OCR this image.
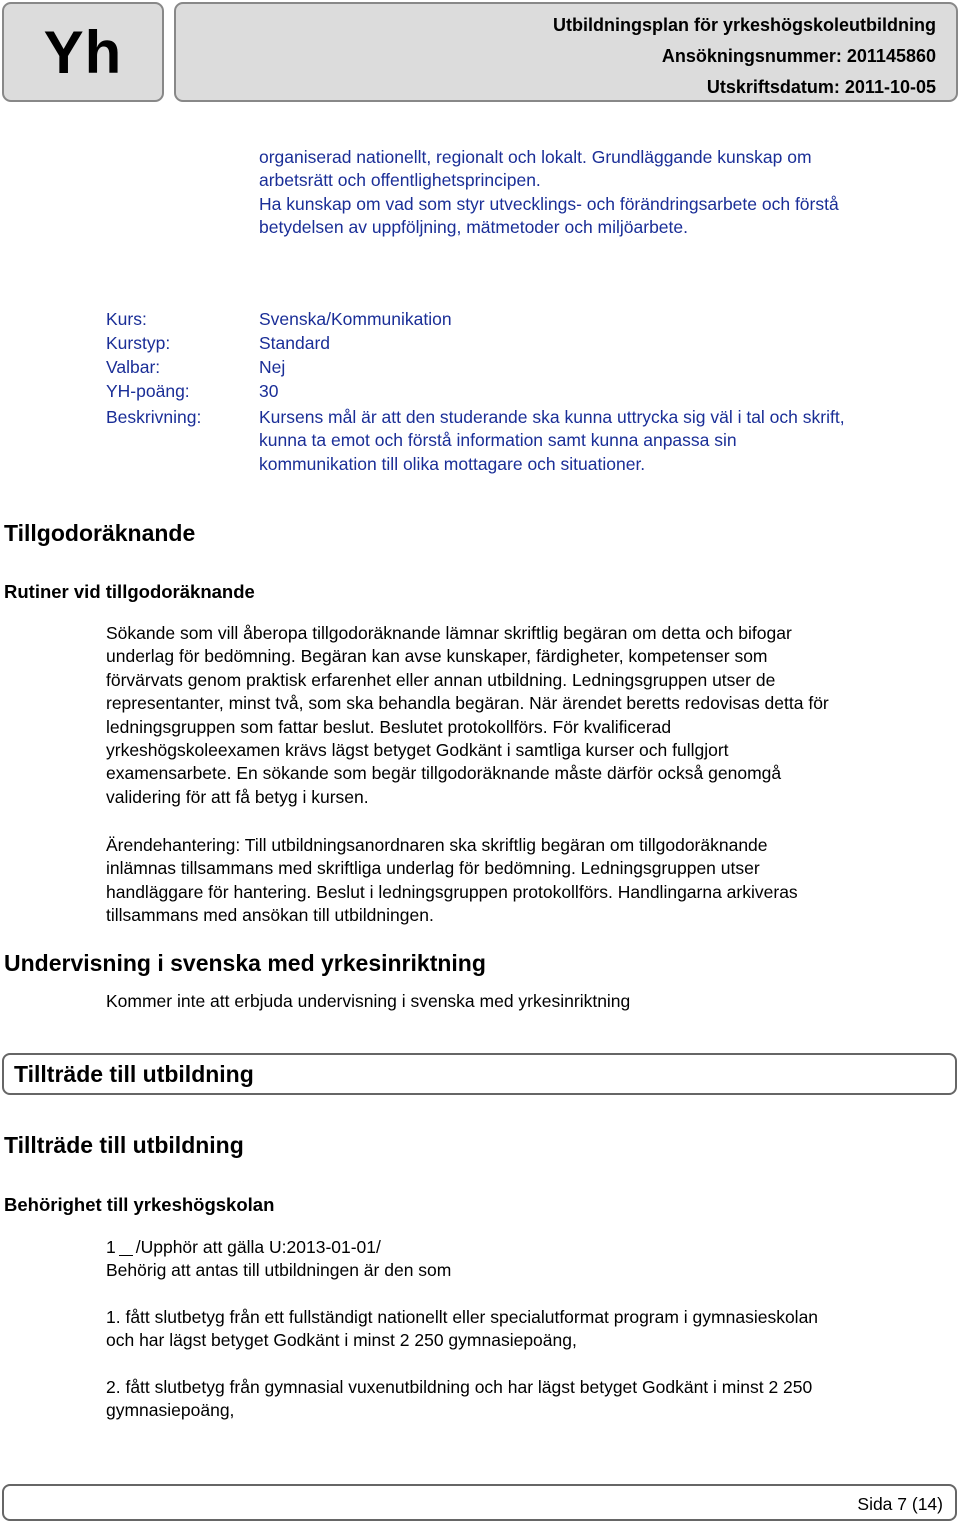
Yh	Utbildningsplan för yrkeshögskoleutbildning
Ansökningsnummer: 201145860
Utskriftsdatum: 2011-10-05
organiserad nationellt, regionalt och lokalt. Grundläggande kunskap om
arbetsrätt och offentlighetsprincipen.
Ha kunskap om vad som styr utvecklings- och förändringsarbete och förstå
betydelsen av uppföljning, mätmetoder och miljöarbete.
Kurs:	Svenska/Kommunikation
Kurstyp:	Standard
Valbar:	Nej
YH-poäng:	30
Beskrivning:	Kursens mål är att den studerande ska kunna uttrycka sig väl i tal och skrift,
kunna ta emot och förstå information samt kunna anpassa sin
kommunikation till olika mottagare och situationer.
Tillgodoräknande
Rutiner vid tillgodoräknande
Sökande som vill åberopa tillgodoräknande lämnar skriftlig begäran om detta och bifogar
underlag för bedömning. Begäran kan avse kunskaper, färdigheter, kompetenser som
förvärvats genom praktisk erfarenhet eller annan utbildning. Ledningsgruppen utser de
representanter, minst två, som ska behandla begäran. När ärendet beretts redovisas detta för
ledningsgruppen som fattar beslut. Beslutet protokollförs. För kvalificerad
yrkeshögskoleexamen krävs lägst betyget Godkänt i samtliga kurser och fullgjort
examensarbete. En sökande som begär tillgodoräknande måste därför också genomgå
validering för att få betyg i kursen.
Ärendehantering: Till utbildningsanordnaren ska skriftlig begäran om tillgodoräknande
inlämnas tillsammans med skriftliga underlag för bedömning. Ledningsgruppen utser
handläggare för hantering. Beslut i ledningsgruppen protokollförs. Handlingarna arkiveras
tillsammans med ansökan till utbildningen.
Undervisning i svenska med yrkesinriktning
Kommer inte att erbjuda undervisning i svenska med yrkesinriktning
Tillträde till utbildning
Tillträde till utbildning
Behörighet till yrkeshögskolan
1 /Upphör att gälla U:2013-01-01/
Behörig att antas till utbildningen är den som
1. fått slutbetyg från ett fullständigt nationellt eller specialutformat program i gymnasieskolan
och har lägst betyget Godkänt i minst 2 250 gymnasiepoäng,
2. fått slutbetyg från gymnasial vuxenutbildning och har lägst betyget Godkänt i minst 2 250
gymnasiepoäng,
Sida 7 (14)
